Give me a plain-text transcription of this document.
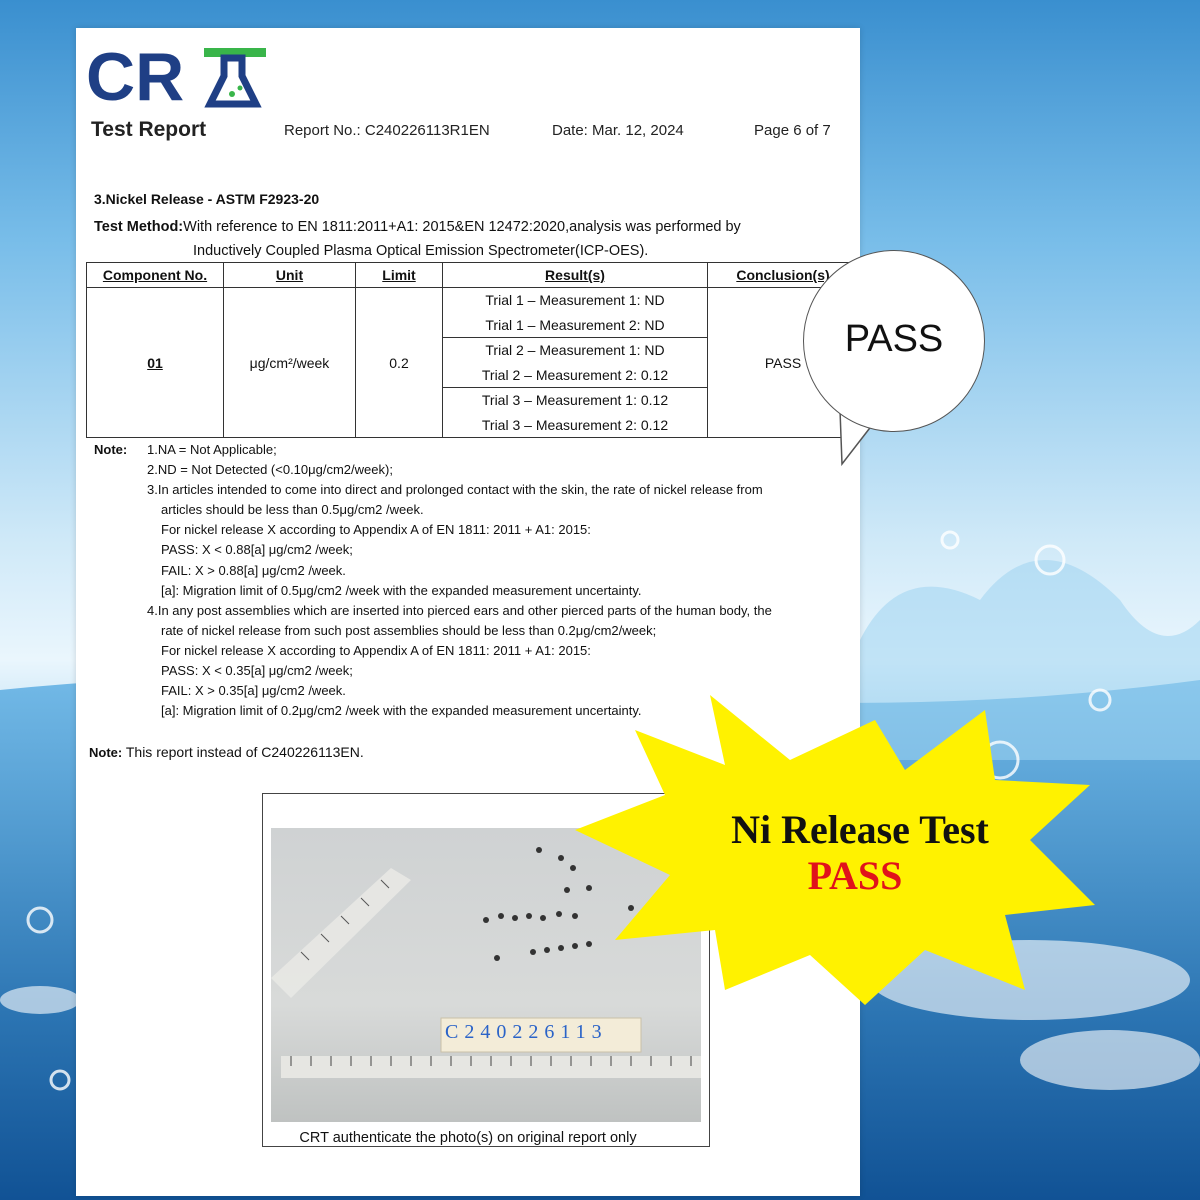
CR
Test Report	Report No.: C240226113R1EN	Date: Mar. 12, 2024	Page 6 of 7
3.Nickel Release - ASTM F2923-20
Test Method:With reference to EN 1811:2011+A1: 2015&EN 12472:2020,analysis was performed by
Inductively Coupled Plasma Optical Emission Spectrometer(ICP-OES).
Component No.	Unit	Limit	Result(s)	Conclusion(s)
01	μg/cm²/week	0.2	Trial 1 – Measurement 1: ND	PASS
			Trial 1 – Measurement 2: ND	
			Trial 2 – Measurement 1: ND	
			Trial 2 – Measurement 2: 0.12	
			Trial 3 – Measurement 1: 0.12	
			Trial 3 – Measurement 2: 0.12	
Note: 1.NA = Not Applicable;
2.ND = Not Detected (<0.10μg/cm2/week);
3.In articles intended to come into direct and prolonged contact with the skin, the rate of nickel release from
articles should be less than 0.5μg/cm2 /week.
For nickel release X according to Appendix A of EN 1811: 2011 + A1: 2015:
PASS: X < 0.88[a] μg/cm2 /week;
FAIL: X > 0.88[a] μg/cm2 /week.
[a]: Migration limit of 0.5μg/cm2 /week with the expanded measurement uncertainty.
4.In any post assemblies which are inserted into pierced ears and other pierced parts of the human body, the
rate of nickel release from such post assemblies should be less than 0.2μg/cm2/week;
For nickel release X according to Appendix A of EN 1811: 2011 + A1: 2015:
PASS: X < 0.35[a] μg/cm2 /week;
FAIL: X > 0.35[a] μg/cm2 /week.
[a]: Migration limit of 0.2μg/cm2 /week with the expanded measurement uncertainty.
Note: This report instead of C240226113EN.
C240226113
CRT authenticate the photo(s) on original report only
PASS
Ni Release Test
PASS
